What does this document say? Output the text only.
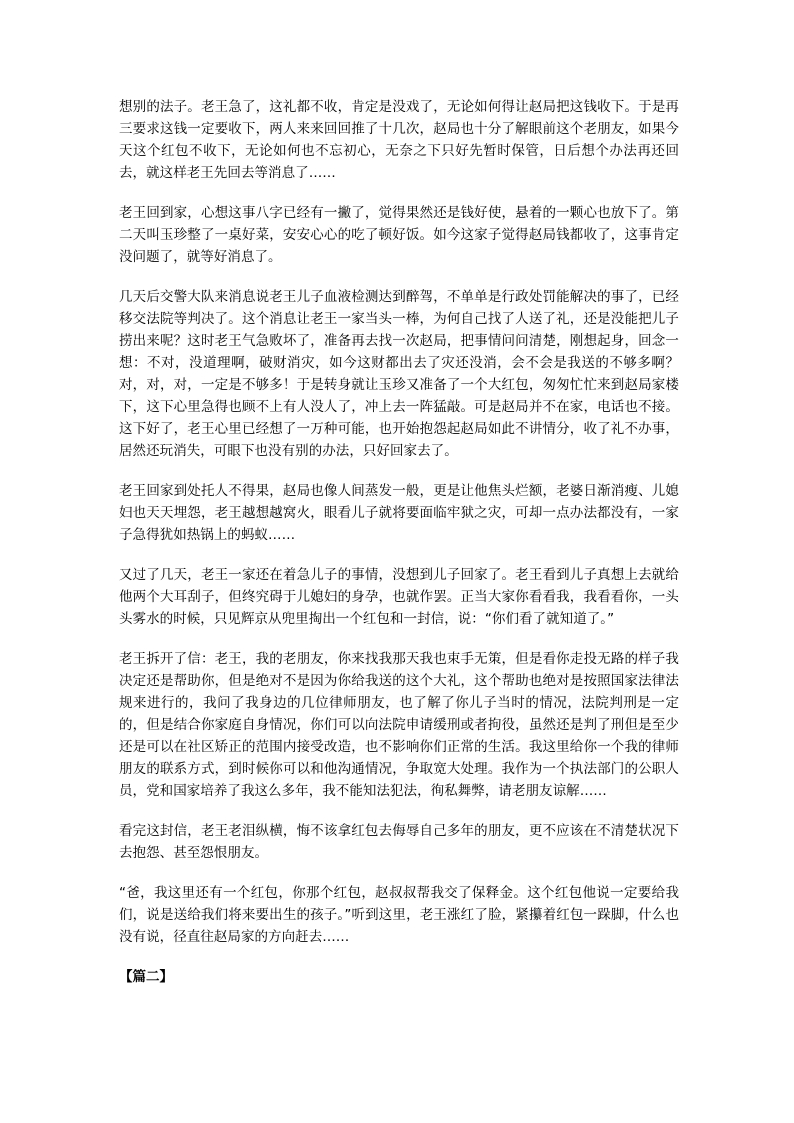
想别的法子。老王急了，这礼都不收，肯定是没戏了，无论如何得让赵局把这钱收下。于是再三要求这钱一定要收下，两人来来回回推了十几次，赵局也十分了解眼前这个老朋友，如果今天这个红包不收下，无论如何也不忘初心，无奈之下只好先暂时保管，日后想个办法再还回去，就这样老王先回去等消息了……

老王回到家，心想这事八字已经有一撇了，觉得果然还是钱好使，悬着的一颗心也放下了。第二天叫玉珍整了一桌好菜，安安心心的吃了顿好饭。如今这家子觉得赵局钱都收了，这事肯定没问题了，就等好消息了。

几天后交警大队来消息说老王儿子血液检测达到醉驾，不单单是行政处罚能解决的事了，已经移交法院等判决了。这个消息让老王一家当头一棒，为何自己找了人送了礼，还是没能把儿子捞出来呢？这时老王气急败坏了，准备再去找一次赵局，把事情问问清楚，刚想起身，回念一想：不对，没道理啊，破财消灾，如今这财都出去了灾还没消，会不会是我送的不够多啊？对，对，对，一定是不够多！于是转身就让玉珍又准备了一个大红包，匆匆忙忙来到赵局家楼下，这下心里急得也顾不上有人没人了，冲上去一阵猛敲。可是赵局并不在家，电话也不接。这下好了，老王心里已经想了一万种可能，也开始抱怨起赵局如此不讲情分，收了礼不办事，居然还玩消失，可眼下也没有别的办法，只好回家去了。

老王回家到处托人不得果，赵局也像人间蒸发一般，更是让他焦头烂额，老婆日渐消瘦、儿媳妇也天天埋怨，老王越想越窝火，眼看儿子就将要面临牢狱之灾，可却一点办法都没有，一家子急得犹如热锅上的蚂蚁……

又过了几天，老王一家还在着急儿子的事情，没想到儿子回家了。老王看到儿子真想上去就给他两个大耳刮子，但终究碍于儿媳妇的身孕，也就作罢。正当大家你看看我，我看看你，一头头雾水的时候，只见辉京从兜里掏出一个红包和一封信，说：“你们看了就知道了。”

老王拆开了信：老王，我的老朋友，你来找我那天我也束手无策，但是看你走投无路的样子我决定还是帮助你，但是绝对不是因为你给我送的这个大礼，这个帮助也绝对是按照国家法律法规来进行的，我问了我身边的几位律师朋友，也了解了你儿子当时的情况，法院判刑是一定的，但是结合你家庭自身情况，你们可以向法院申请缓刑或者拘役，虽然还是判了刑但是至少还是可以在社区矫正的范围内接受改造，也不影响你们正常的生活。我这里给你一个我的律师朋友的联系方式，到时候你可以和他沟通情况，争取宽大处理。我作为一个执法部门的公职人员，党和国家培养了我这么多年，我不能知法犯法，徇私舞弊，请老朋友谅解……

看完这封信，老王老泪纵横，悔不该拿红包去侮辱自己多年的朋友，更不应该在不清楚状况下去抱怨、甚至怨恨朋友。

“爸，我这里还有一个红包，你那个红包，赵叔叔帮我交了保释金。这个红包他说一定要给我们，说是送给我们将来要出生的孩子。”听到这里，老王涨红了脸，紧攥着红包一跺脚，什么也没有说，径直往赵局家的方向赶去……

【篇二】
